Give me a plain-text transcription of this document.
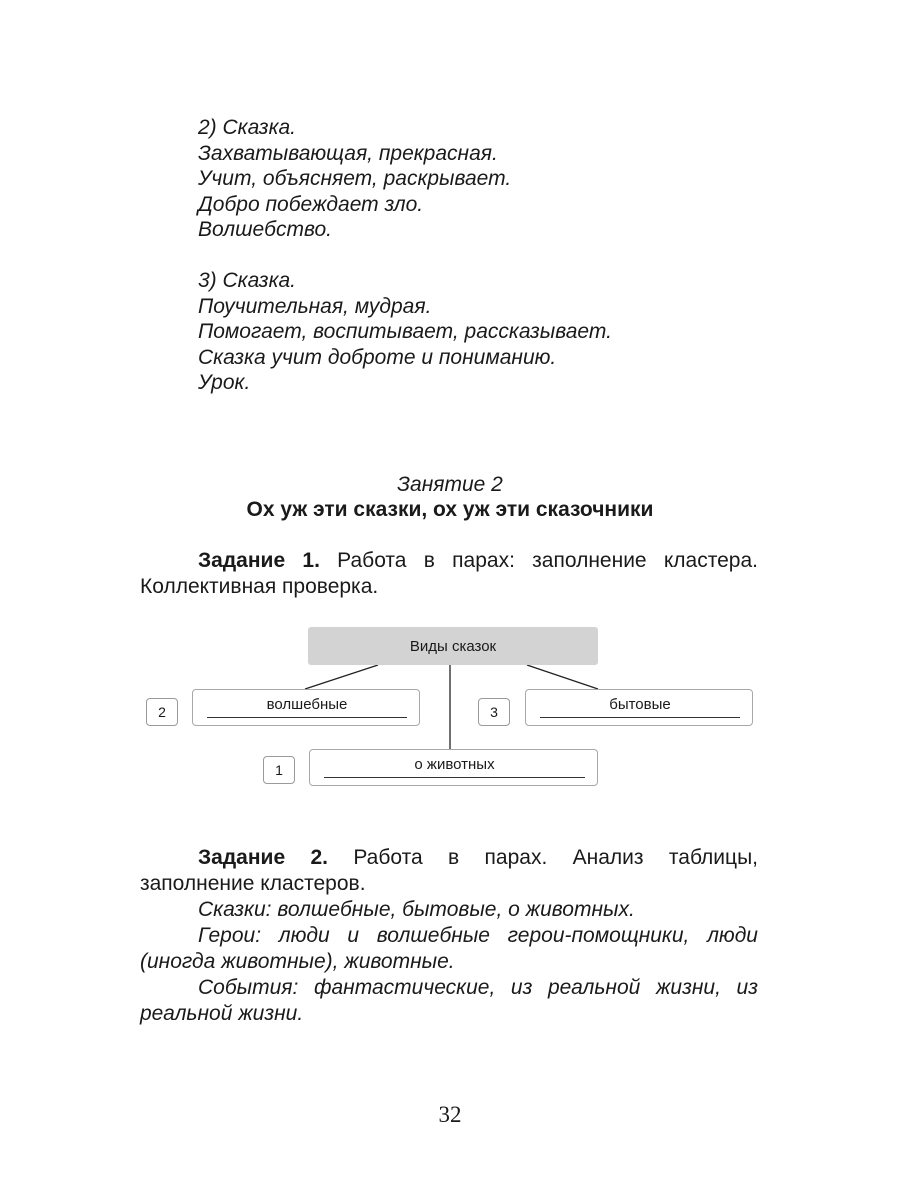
2) Сказка.
Захватывающая, прекрасная.
Учит, объясняет, раскрывает.
Добро побеждает зло.
Волшебство.
3) Сказка.
Поучительная, мудрая.
Помогает, воспитывает, рассказывает.
Сказка учит доброте и пониманию.
Урок.
Занятие 2
Ох уж эти сказки, ох уж эти сказочники

Задание 1. Работа в парах: заполнение кластера. Коллективная проверка.

Виды сказок
2	волшебные	3	бытовые
1	о животных

Задание 2. Работа в парах. Анализ таблицы, заполнение кластеров.

Сказки: волшебные, бытовые, о животных.

Герои: люди и волшебные герои-помощники, люди (иногда животные), животные.

События: фантастические, из реальной жизни, из реальной жизни.

32
